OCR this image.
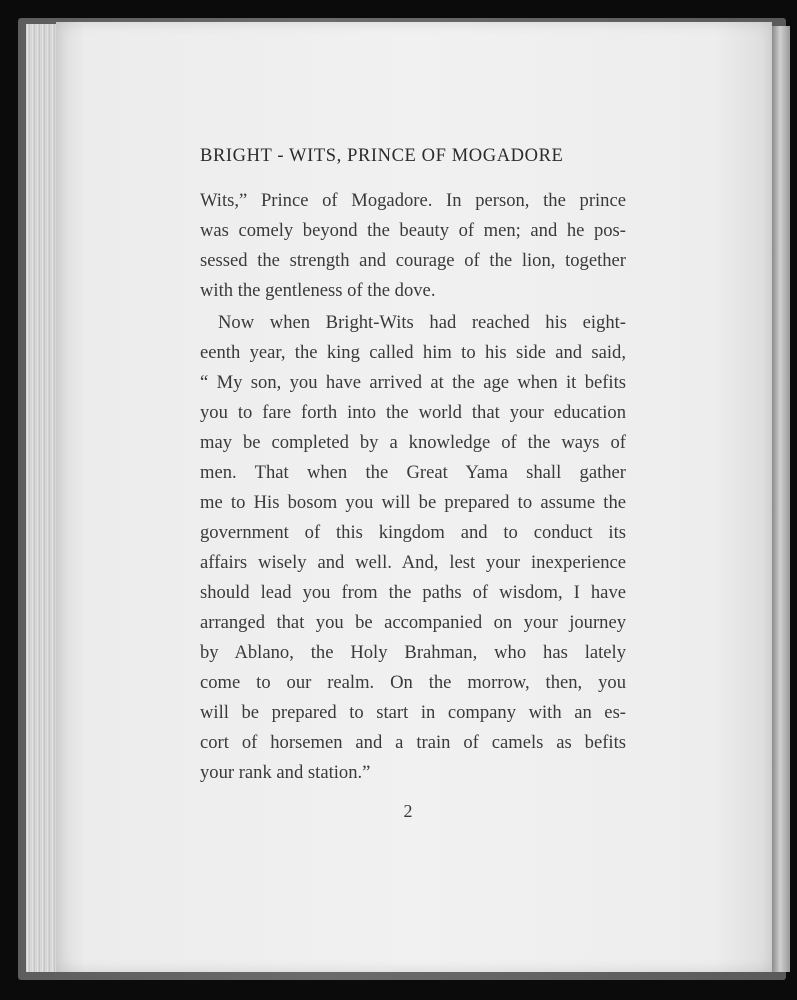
BRIGHT - WITS, PRINCE OF MOGADORE
Wits,” Prince of Mogadore. In person, the prince
was comely beyond the beauty of men; and he pos-
sessed the strength and courage of the lion, together
with the gentleness of the dove.
Now when Bright-Wits had reached his eight-
eenth year, the king called him to his side and said,
“ My son, you have arrived at the age when it befits
you to fare forth into the world that your education
may be completed by a knowledge of the ways of
men. That when the Great Yama shall gather
me to His bosom you will be prepared to assume the
government of this kingdom and to conduct its
affairs wisely and well. And, lest your inexperience
should lead you from the paths of wisdom, I have
arranged that you be accompanied on your journey
by Ablano, the Holy Brahman, who has lately
come to our realm. On the morrow, then, you
will be prepared to start in company with an es-
cort of horsemen and a train of camels as befits
your rank and station.”
2
